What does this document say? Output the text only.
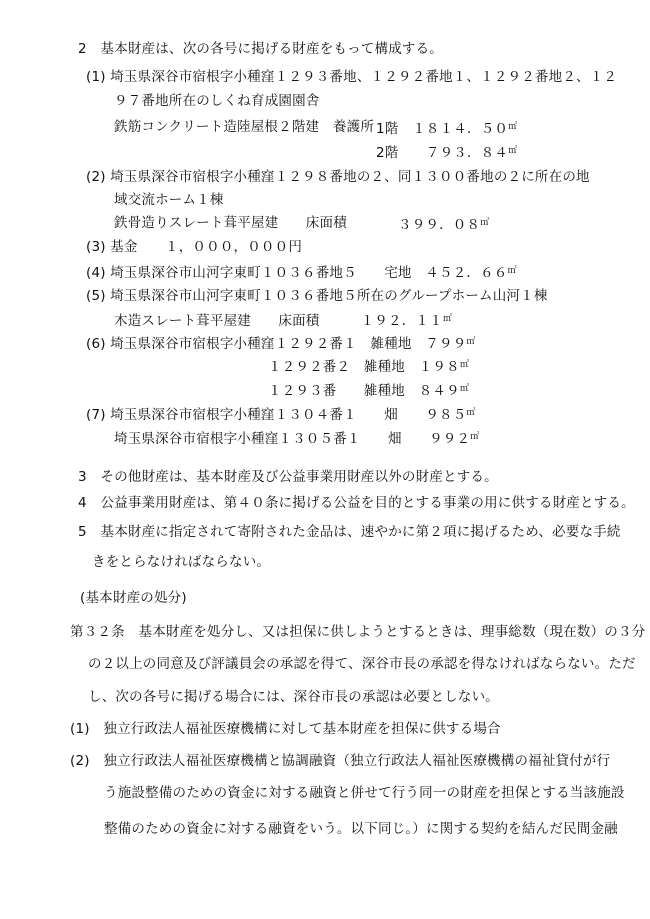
2　基本財産は、次の各号に掲げる財産をもって構成する。
(1) 埼玉県深谷市宿根字小種窪１２９３番地、１２９２番地１、１２９２番地２、１２
９７番地所在のしくね育成園園舎
鉄筋コンクリート造陸屋根２階建　養護所 1階　１８１４．５０㎡
2階　　７９３．８４㎡
(2) 埼玉県深谷市宿根字小種窪１２９８番地の２、同１３００番地の２に所在の地
域交流ホーム１棟
鉄骨造りスレート葺平屋建　　床面積	３９９．０８㎡
(3) 基金　　１，０００，０００円
(4) 埼玉県深谷市山河字東町１０３６番地５　　宅地　４５２．６６㎡
(5) 埼玉県深谷市山河字東町１０３６番地５所在のグループホーム山河１棟
木造スレート葺平屋建　　床面積　　　１９２．１１㎡
(6) 埼玉県深谷市宿根字小種窪１２９２番１　雑種地　７９９㎡
１２９２番２　雑種地　１９８㎡
１２９３番　　雑種地　８４９㎡
(7) 埼玉県深谷市宿根字小種窪１３０４番１　　畑　　９８５㎡
埼玉県深谷市宿根字小種窪１３０５番１　　畑　　９９２㎡
3　その他財産は、基本財産及び公益事業用財産以外の財産とする。
4　公益事業用財産は、第４０条に掲げる公益を目的とする事業の用に供する財産とする。
5　基本財産に指定されて寄附された金品は、速やかに第２項に掲げるため、必要な手続
きをとらなければならない。
(基本財産の処分)
第３２条　基本財産を処分し、又は担保に供しようとするときは、理事総数（現在数）の３分
の２以上の同意及び評議員会の承認を得て、深谷市長の承認を得なければならない。ただ
し、次の各号に掲げる場合には、深谷市長の承認は必要としない。
(1)　独立行政法人福祉医療機構に対して基本財産を担保に供する場合
(2)　独立行政法人福祉医療機構と協調融資（独立行政法人福祉医療機構の福祉貸付が行
う施設整備のための資金に対する融資と併せて行う同一の財産を担保とする当該施設
整備のための資金に対する融資をいう。以下同じ。）に関する契約を結んだ民間金融
